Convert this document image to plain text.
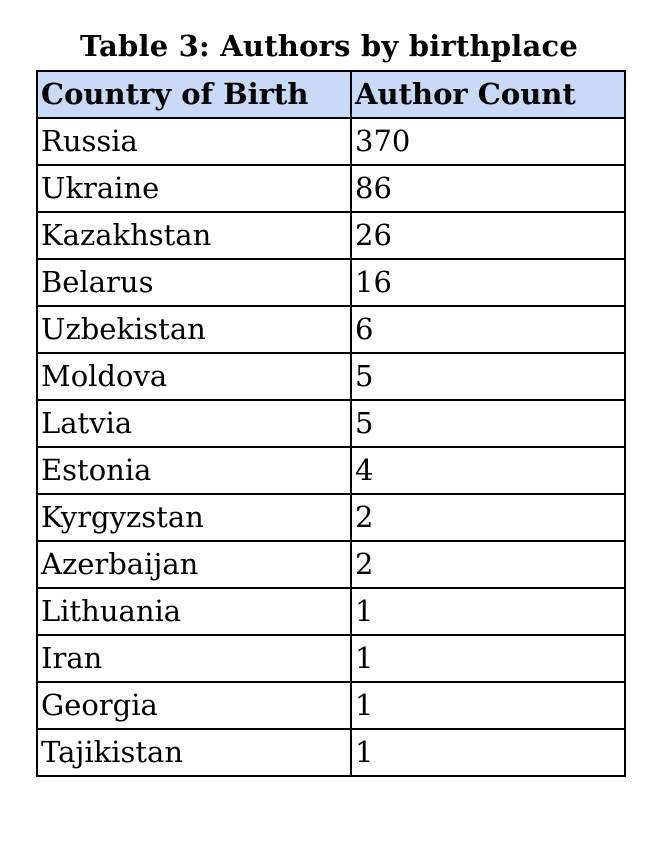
Table 3: Authors by birthplace
Country of Birth	Author Count
Russia	370
Ukraine	86
Kazakhstan	26
Belarus	16
Uzbekistan	6
Moldova	5
Latvia	5
Estonia	4
Kyrgyzstan	2
Azerbaijan	2
Lithuania	1
Iran	1
Georgia	1
Tajikistan	1
